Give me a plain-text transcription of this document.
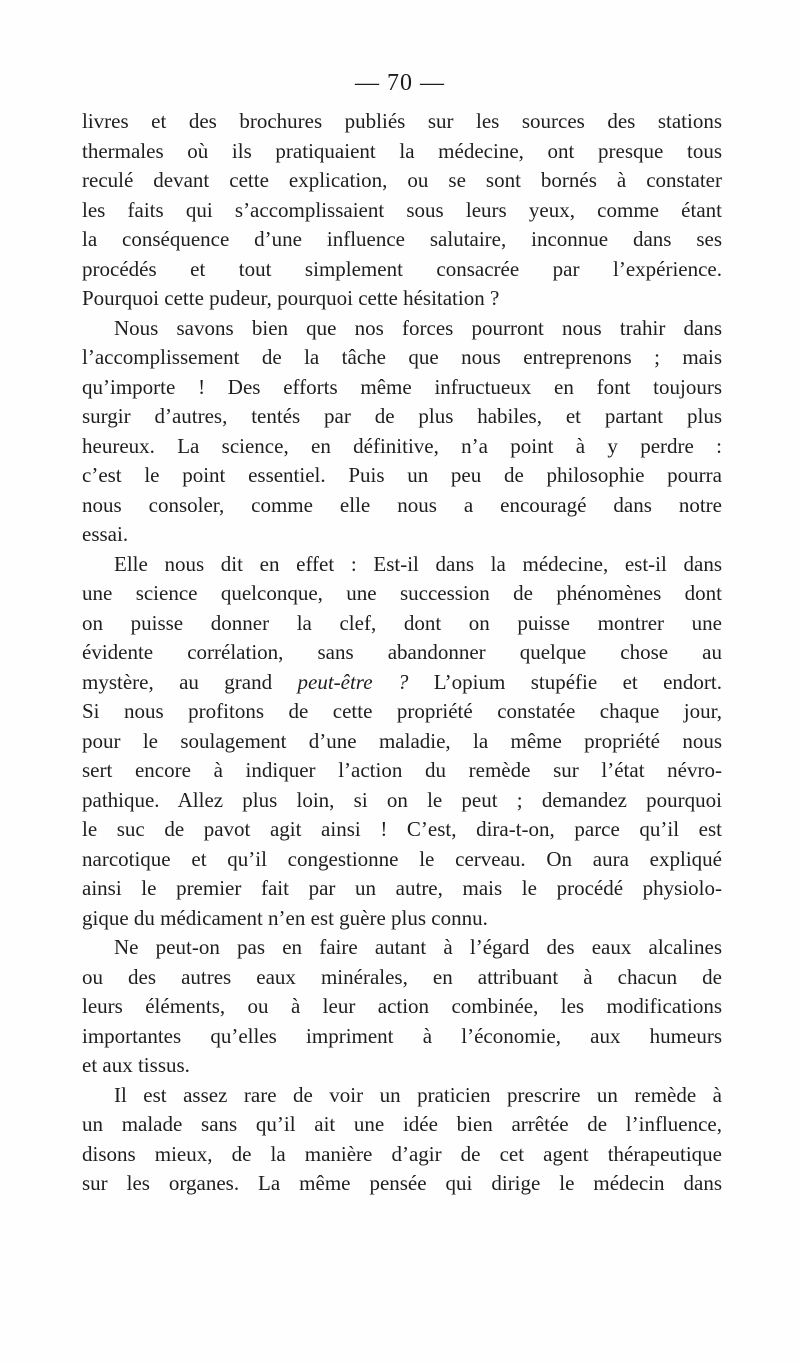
— 70 —
livres et des brochures publiés sur les sources des stations
thermales où ils pratiquaient la médecine, ont presque tous
reculé devant cette explication, ou se sont bornés à constater
les faits qui s’accomplissaient sous leurs yeux, comme étant
la conséquence d’une influence salutaire, inconnue dans ses
procédés et tout simplement consacrée par l’expérience.
Pourquoi cette pudeur, pourquoi cette hésitation ?
Nous savons bien que nos forces pourront nous trahir dans
l’accomplissement de la tâche que nous entreprenons ; mais
qu’importe ! Des efforts même infructueux en font toujours
surgir d’autres, tentés par de plus habiles, et partant plus
heureux. La science, en définitive, n’a point à y perdre :
c’est le point essentiel. Puis un peu de philosophie pourra
nous consoler, comme elle nous a encouragé dans notre
essai.
Elle nous dit en effet : Est-il dans la médecine, est-il dans
une science quelconque, une succession de phénomènes dont
on puisse donner la clef, dont on puisse montrer une
évidente corrélation, sans abandonner quelque chose au
mystère, au grand peut-être ? L’opium stupéfie et endort.
Si nous profitons de cette propriété constatée chaque jour,
pour le soulagement d’une maladie, la même propriété nous
sert encore à indiquer l’action du remède sur l’état névro-
pathique. Allez plus loin, si on le peut ; demandez pourquoi
le suc de pavot agit ainsi ! C’est, dira-t-on, parce qu’il est
narcotique et qu’il congestionne le cerveau. On aura expliqué
ainsi le premier fait par un autre, mais le procédé physiolo-
gique du médicament n’en est guère plus connu.
Ne peut-on pas en faire autant à l’égard des eaux alcalines
ou des autres eaux minérales, en attribuant à chacun de
leurs éléments, ou à leur action combinée, les modifications
importantes qu’elles impriment à l’économie, aux humeurs
et aux tissus.
Il est assez rare de voir un praticien prescrire un remède à
un malade sans qu’il ait une idée bien arrêtée de l’influence,
disons mieux, de la manière d’agir de cet agent thérapeutique
sur les organes. La même pensée qui dirige le médecin dans
